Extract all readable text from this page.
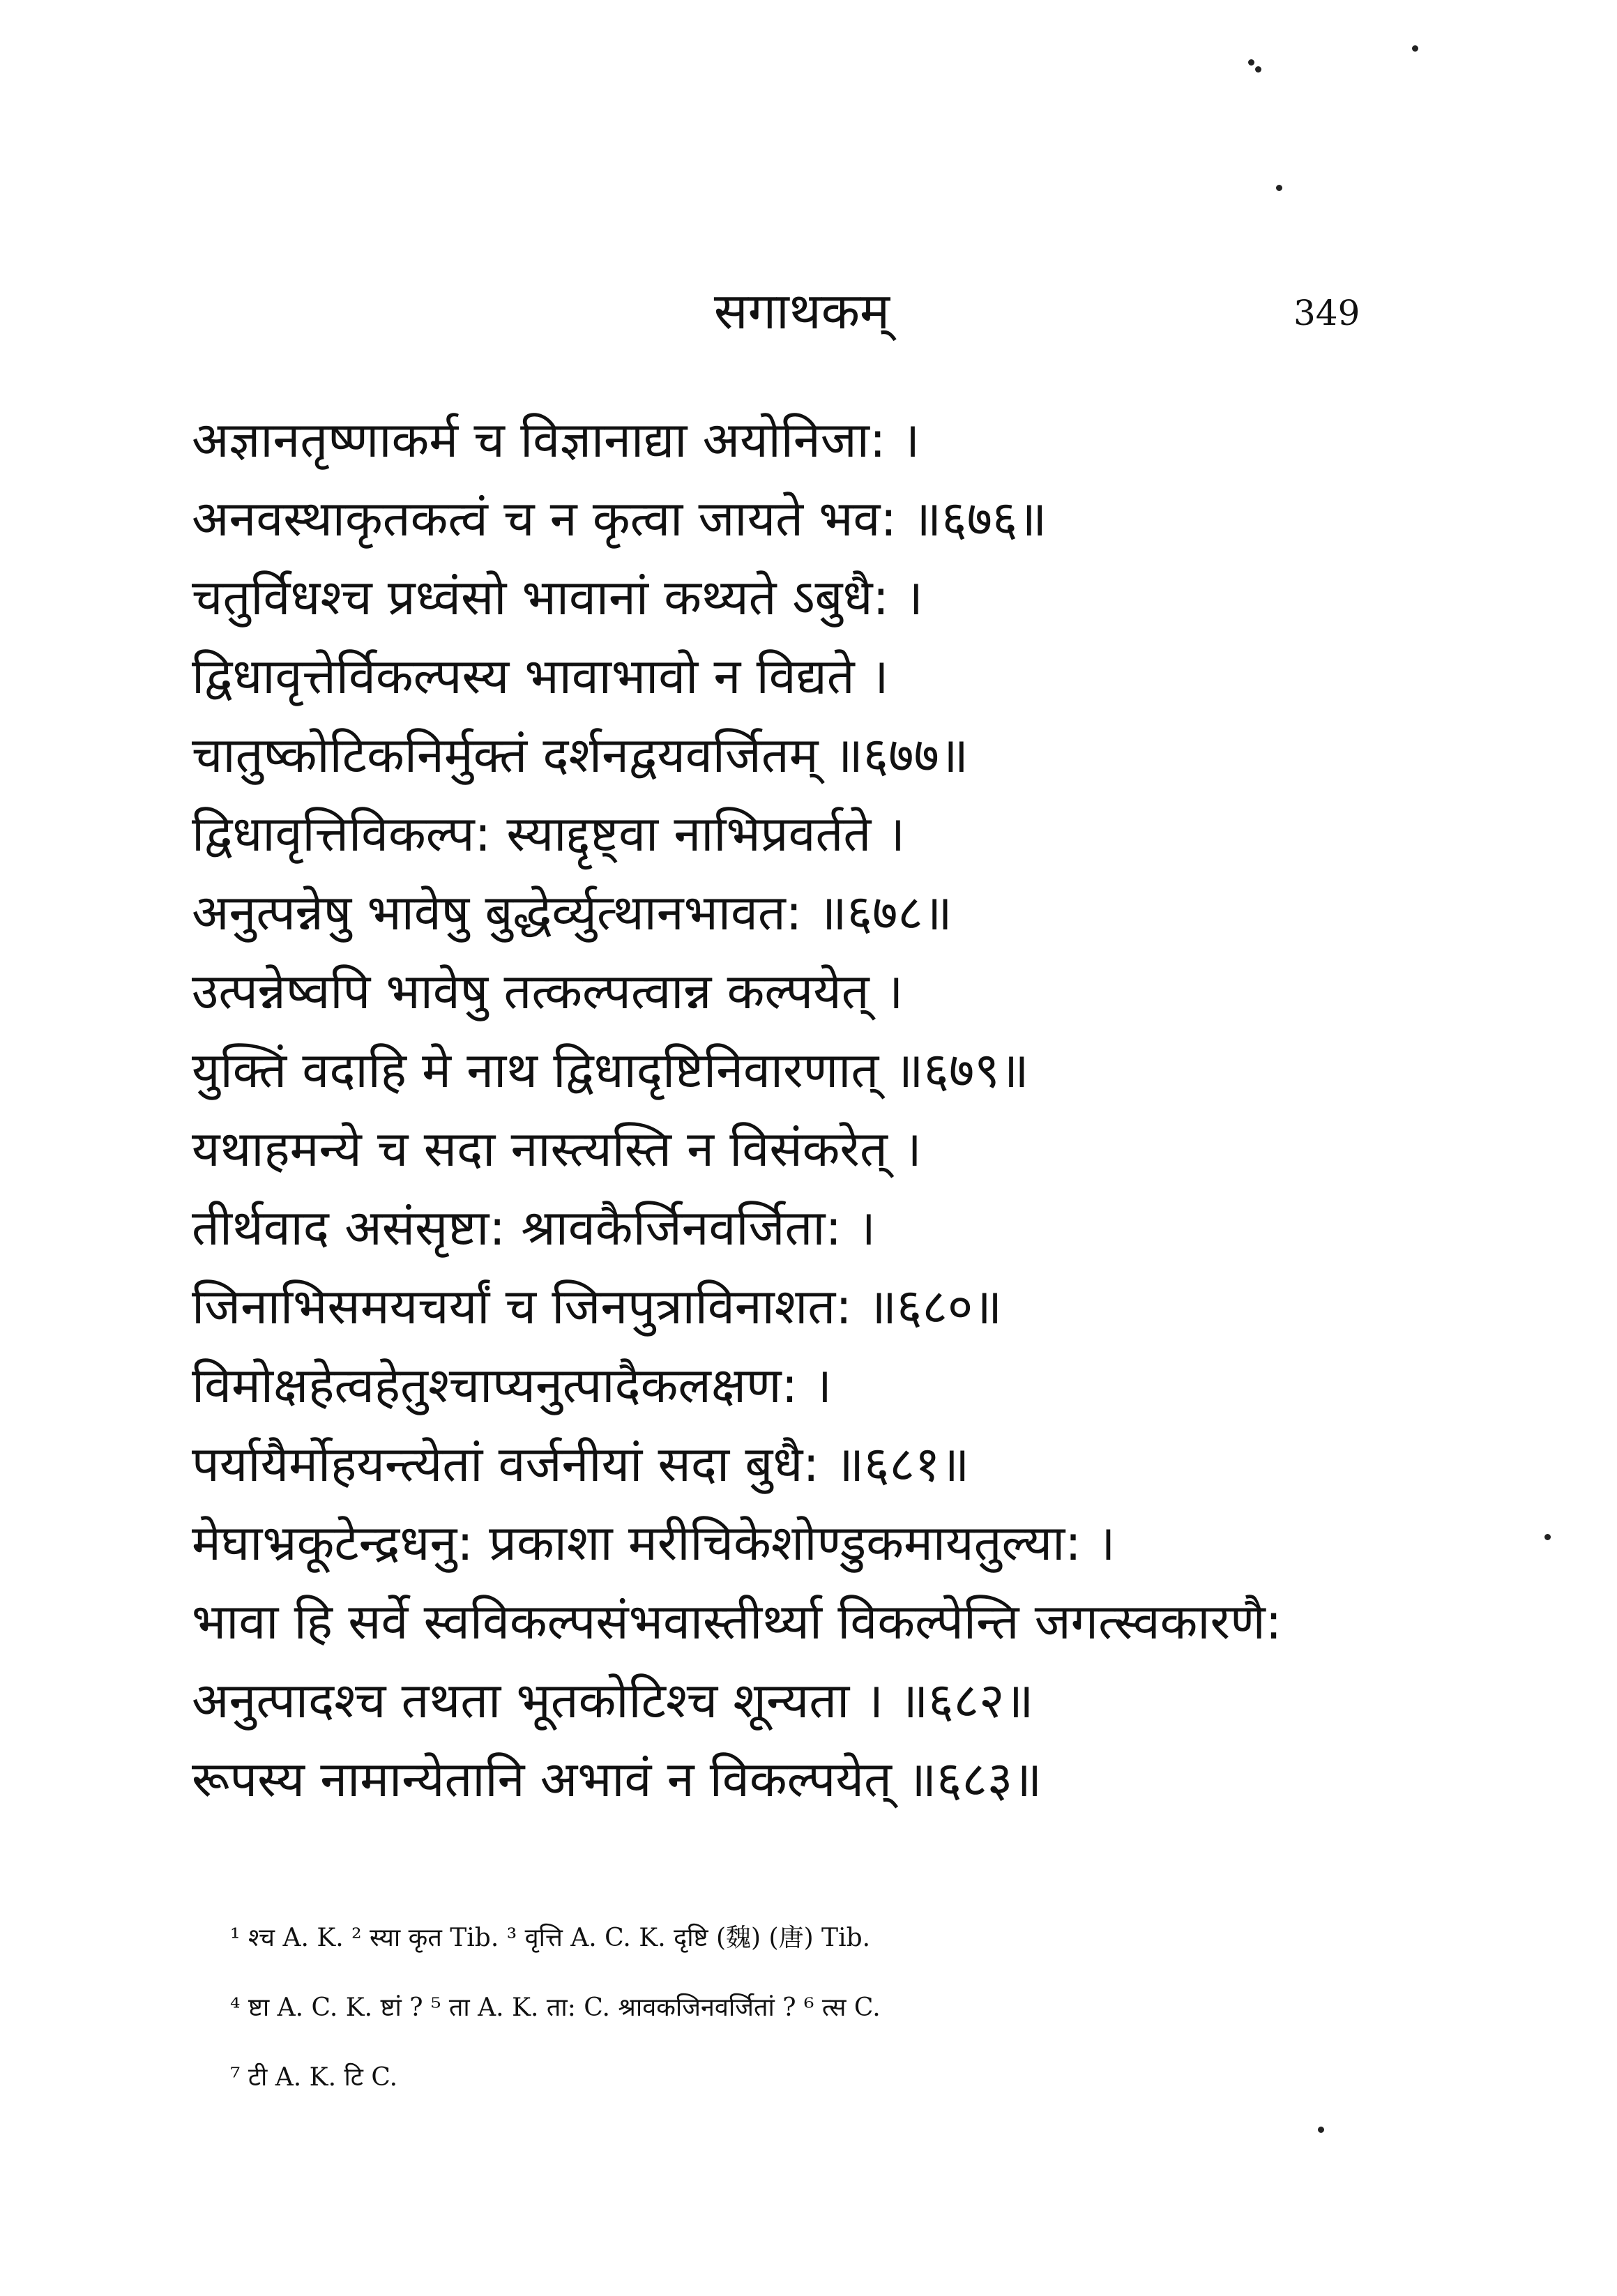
सगाथकम्	349
अज्ञानतृष्णाकर्म च विज्ञानाद्या अयोनिजा: ।
अनवस्थाकृतकत्वं च न कृत्वा जायते भव: ॥६७६॥
चतुर्विधश्च प्रध्वंसो भावानां कथ्यते ऽबुधै: ।
द्विधावृत्तेर्विकल्पस्य भावाभावो न विद्यते ।
चातुष्कोटिकनिर्मुक्तं दर्शनद्वयवर्जितम् ॥६७७॥
द्विधावृत्तिविकल्प: स्याद्दृष्ट्वा नाभिप्रवर्तते ।
अनुत्पन्नेषु भावेषु बुद्धेर्व्युत्थानभावत: ॥६७८॥
उत्पन्नेष्वपि भावेषु तत्कल्पत्वान्न कल्पयेत् ।
युक्तिं वदाहि मे नाथ द्विधादृष्टिनिवारणात् ॥६७९॥
यथाहमन्ये च सदा नास्त्यस्ति न विसंकरेत् ।
तीर्थवाद असंसृष्टा: श्रावकैर्जिनवर्जिता: ।
जिनाभिसमयचर्यां च जिनपुत्राविनाशत: ॥६८०॥
विमोक्षहेत्वहेतुश्चाप्यनुत्पादैकलक्षण: ।
पर्यायैर्मोहयन्त्येतां वर्जनीयां सदा बुधै: ॥६८१॥
मेघाभ्रकूटेन्द्रधनु: प्रकाशा मरीचिकेशोण्डुकमायतुल्या: ।
भावा हि सर्वे स्वविकल्पसंभवास्तीर्थ्या विकल्पेन्ति जगत्स्वकारणै:
अनुत्पादश्च तथता भूतकोटिश्च शून्यता । ॥६८२॥
रूपस्य नामान्येतानि अभावं न विकल्पयेत् ॥६८३॥
¹ श्च A. K. ² स्या कृत Tib. ³ वृत्ति A. C. K. दृष्टि (魏) (唐) Tib.
⁴ ष्टा A. C. K. ष्टां ? ⁵ ता A. K. ता: C. श्रावकजिनवर्जितां ? ⁶ त्स C.
⁷ टी A. K. टि C.
